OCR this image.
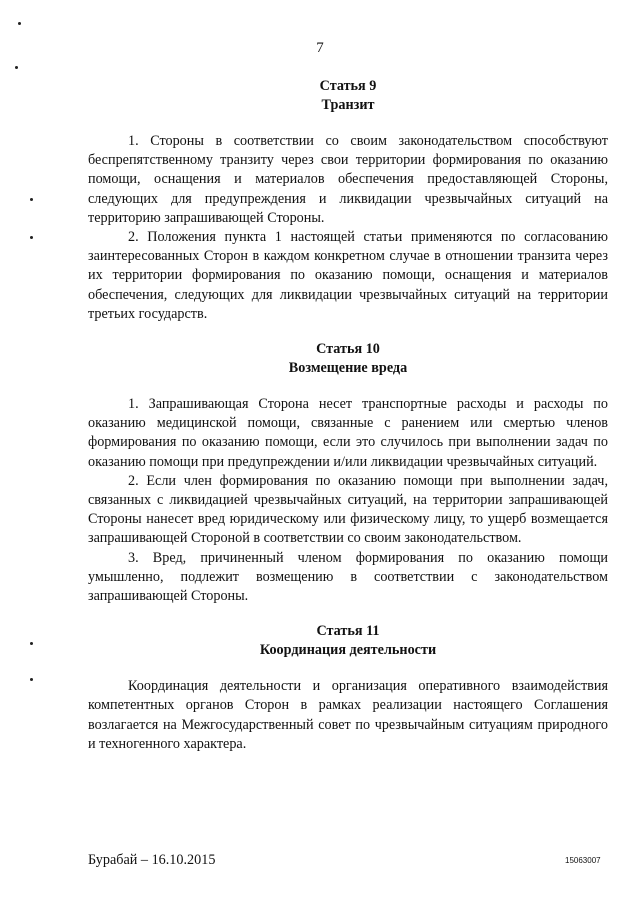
7
Статья 9
Транзит

1. Стороны в соответствии со своим законодательством способствуют беспрепятственному транзиту через свои территории формирования по оказанию помощи, оснащения и материалов обеспечения предоставляющей Стороны, следующих для предупреждения и ликвидации чрезвычайных ситуаций на территорию запрашивающей Стороны.

2. Положения пункта 1 настоящей статьи применяются по согласованию заинтересованных Сторон в каждом конкретном случае в отношении транзита через их территории формирования по оказанию помощи, оснащения и материалов обеспечения, следующих для ликвидации чрезвычайных ситуаций на территории третьих государств.

Статья 10
Возмещение вреда

1. Запрашивающая Сторона несет транспортные расходы и расходы по оказанию медицинской помощи, связанные с ранением или смертью членов формирования по оказанию помощи, если это случилось при выполнении задач по оказанию помощи при предупреждении и/или ликвидации чрезвычайных ситуаций.

2. Если член формирования по оказанию помощи при выполнении задач, связанных с ликвидацией чрезвычайных ситуаций, на территории запрашивающей Стороны нанесет вред юридическому или физическому лицу, то ущерб возмещается запрашивающей Стороной в соответствии со своим законодательством.

3. Вред, причиненный членом формирования по оказанию помощи умышленно, подлежит возмещению в соответствии с законодательством запрашивающей Стороны.

Статья 11
Координация деятельности

Координация деятельности и организация оперативного взаимодействия компетентных органов Сторон в рамках реализации настоящего Соглашения возлагается на Межгосударственный совет по чрезвычайным ситуациям природного и техногенного характера.

Бурабай – 16.10.2015	15063007
